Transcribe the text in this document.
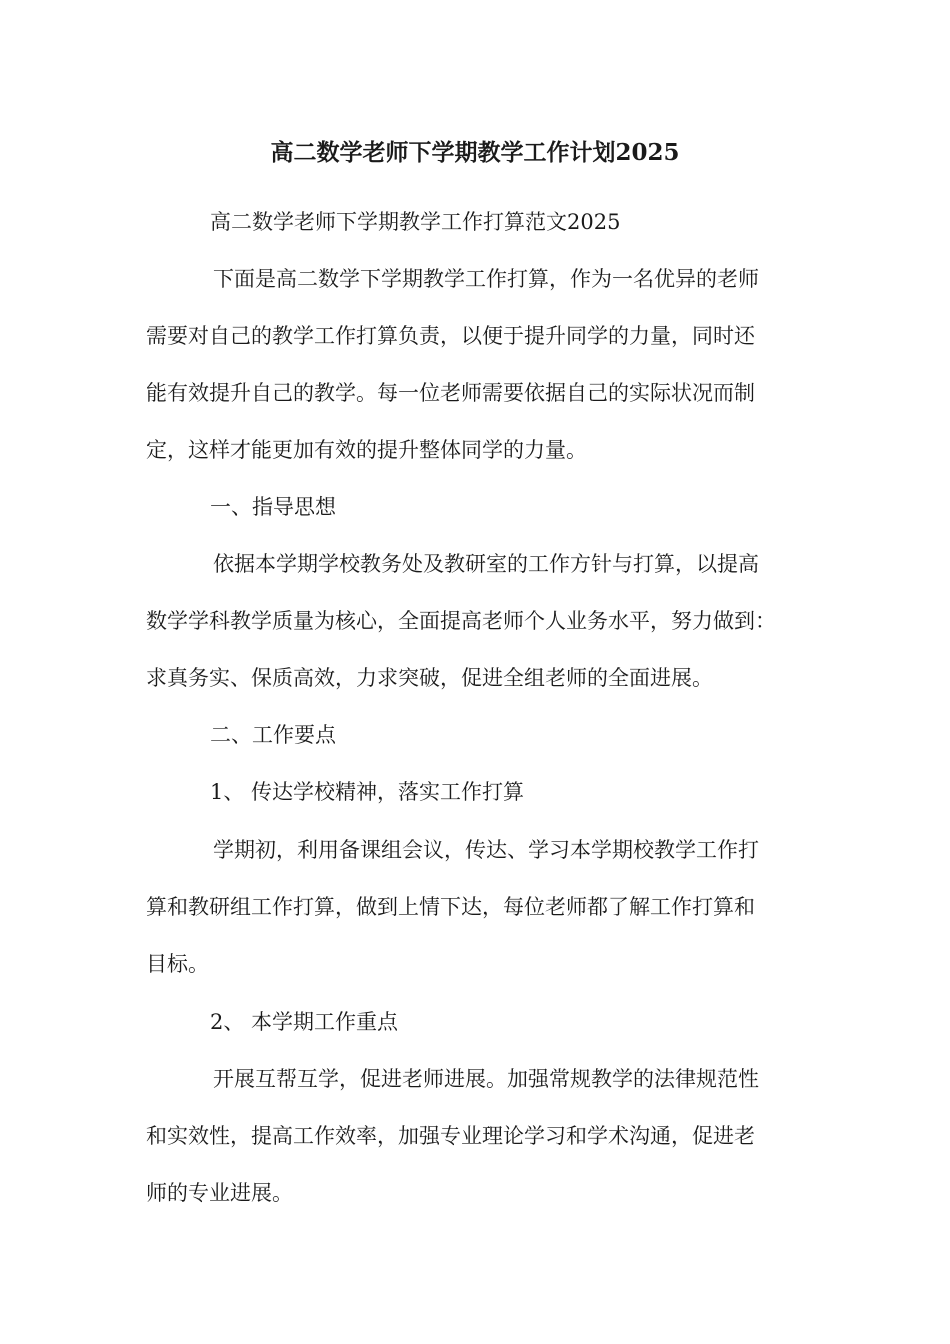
高二数学老师下学期教学工作计划2025
高二数学老师下学期教学工作打算范文2025
下面是高二数学下学期教学工作打算，作为一名优异的老师
需要对自己的教学工作打算负责，以便于提升同学的力量，同时还
能有效提升自己的教学。每一位老师需要依据自己的实际状况而制
定，这样才能更加有效的提升整体同学的力量。
一、指导思想
依据本学期学校教务处及教研室的工作方针与打算，以提高
数学学科教学质量为核心，全面提高老师个人业务水平，努力做到：
求真务实、保质高效，力求突破，促进全组老师的全面进展。
二、工作要点
1、 传达学校精神，落实工作打算
学期初，利用备课组会议，传达、学习本学期校教学工作打
算和教研组工作打算，做到上情下达，每位老师都了解工作打算和
目标。
2、 本学期工作重点
开展互帮互学，促进老师进展。加强常规教学的法律规范性
和实效性，提高工作效率，加强专业理论学习和学术沟通，促进老
师的专业进展。
